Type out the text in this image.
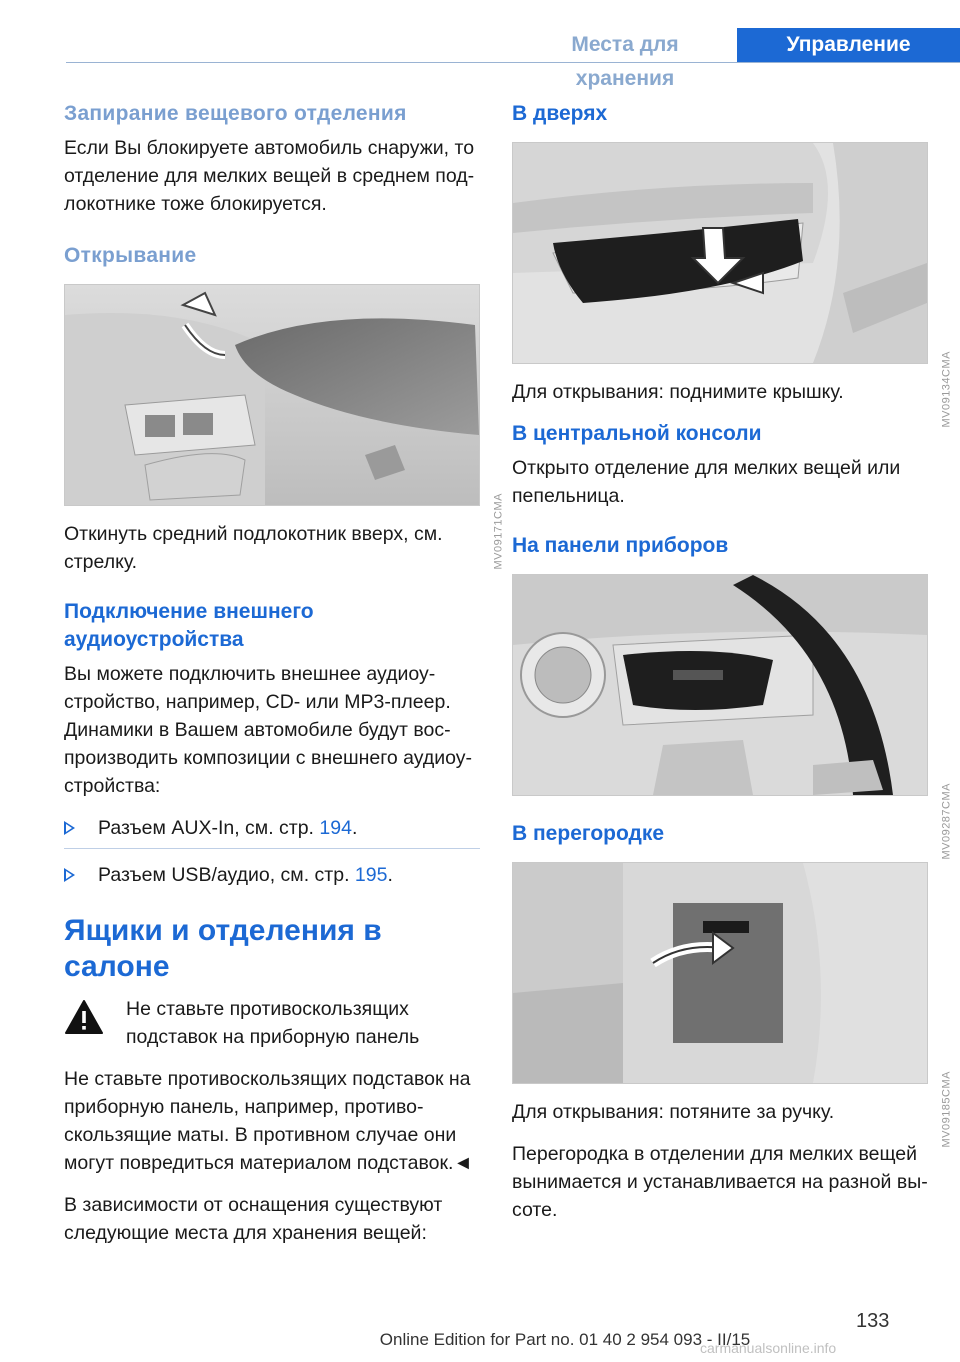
Места для хранения
Управление
Запирание вещевого отделения

Если Вы блокируете автомобиль снаружи, то отделение для мелких вещей в среднем подлокотнике тоже блокируется.

Открывание
MV09171CMA

Откинуть средний подлокотник вверх, см. стрелку.

Подключение внешнего аудиоустройства

Вы можете подключить внешнее аудиоустройство, например, CD- или MP3-плеер. Динамики в Вашем автомобиле будут воспроизводить композиции с внешнего аудиоустройства:

Разъем AUX-In, см. стр. 194.
Разъем USB/аудио, см. стр. 195.
Ящики и отделения в салоне

Не ставьте противоскользящих подставок на приборную панель

Не ставьте противоскользящих подставок на приборную панель, например, противоскользящие маты. В противном случае они могут повредиться материалом подставок.◄

В зависимости от оснащения существуют следующие места для хранения вещей:

В дверях
MV09134CMA

Для открывания: поднимите крышку.

В центральной консоли

Открыто отделение для мелких вещей или пепельница.

На панели приборов
MV09287CMA
В перегородке
MV09185CMA

Для открывания: потяните за ручку.

Перегородка в отделении для мелких вещей вынимается и устанавливается на разной высоте.

133
Online Edition for Part no. 01 40 2 954 093 - II/15
carmanualsonline.info
